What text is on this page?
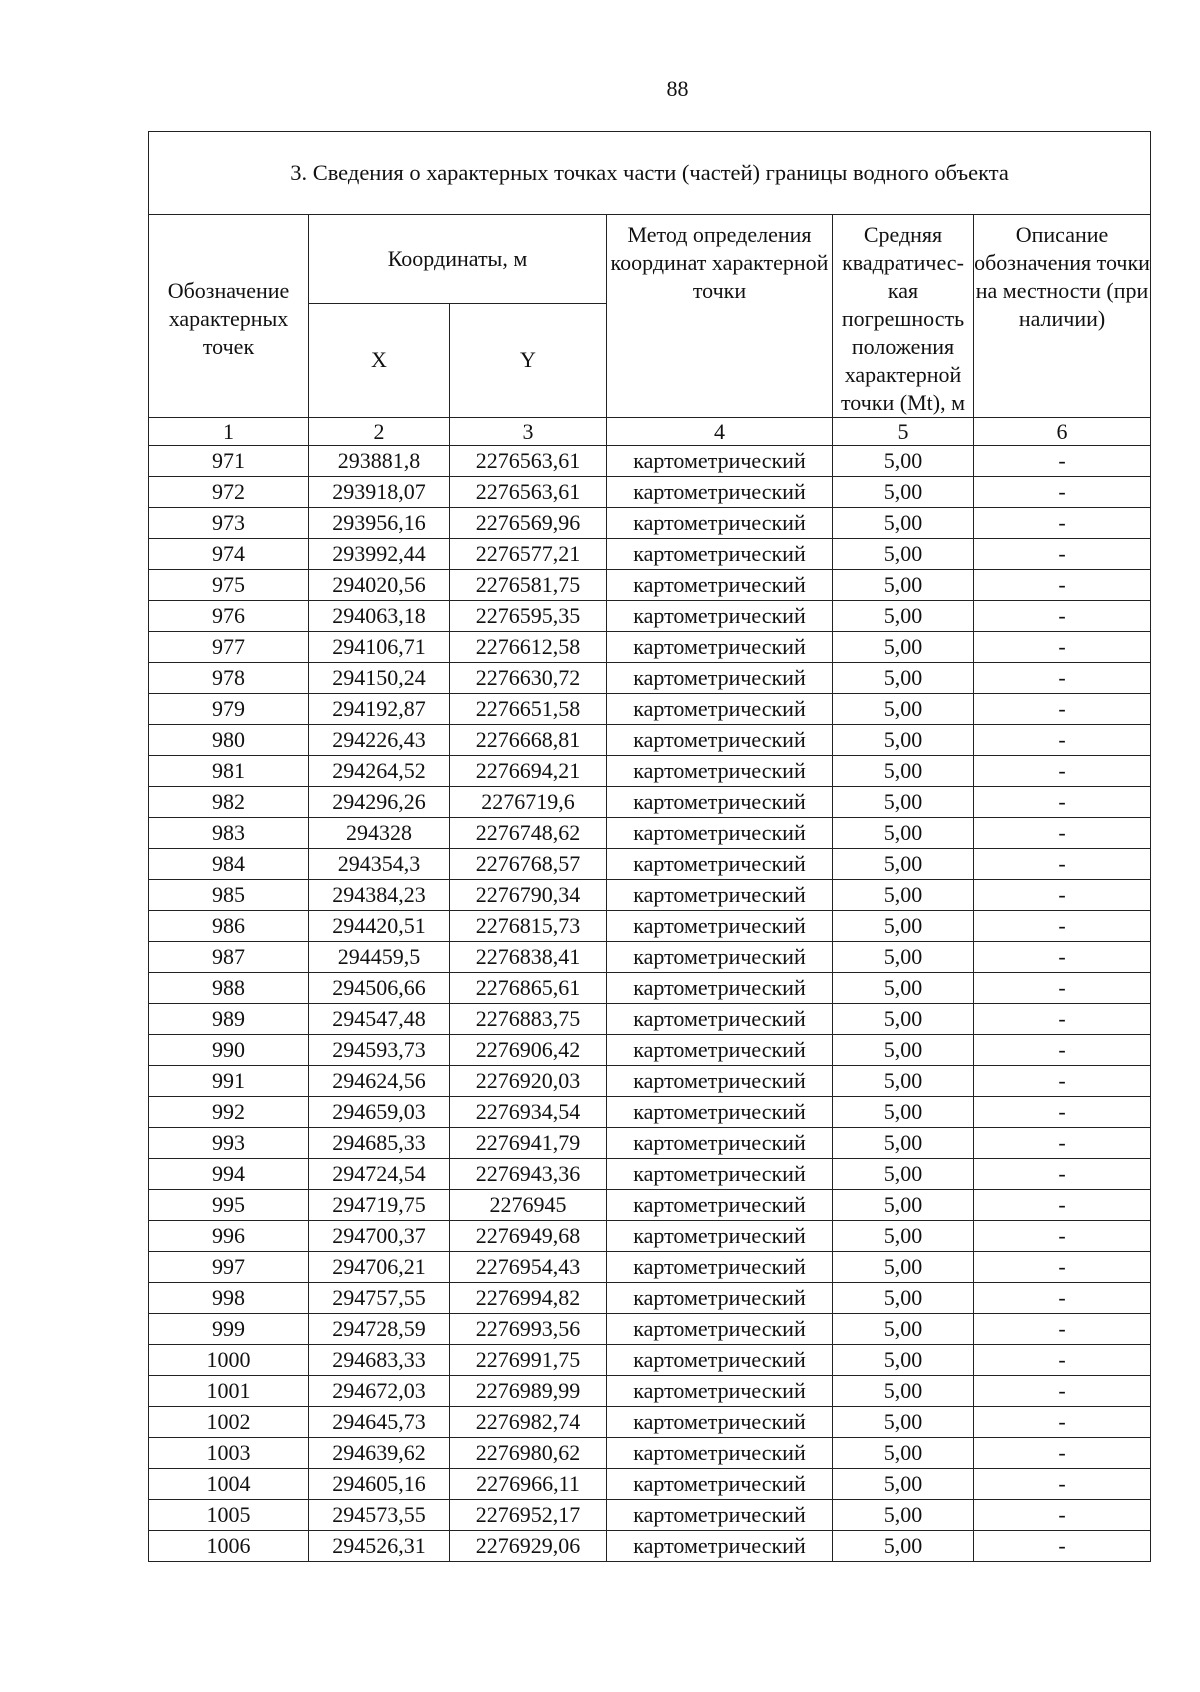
88
3. Сведения о характерных точках части (частей) границы водного объекта					
Обозначение характерных точек	Координаты, м		Метод определения координат характерной точки	Средняя квадратичес-кая погрешность положения характерной точки (Mt), м	Описание обозначения точки на местности (при наличии)
	X	Y			
1	2	3	4	5	6
971	293881,8	2276563,61	картометрический	5,00	-
972	293918,07	2276563,61	картометрический	5,00	-
973	293956,16	2276569,96	картометрический	5,00	-
974	293992,44	2276577,21	картометрический	5,00	-
975	294020,56	2276581,75	картометрический	5,00	-
976	294063,18	2276595,35	картометрический	5,00	-
977	294106,71	2276612,58	картометрический	5,00	-
978	294150,24	2276630,72	картометрический	5,00	-
979	294192,87	2276651,58	картометрический	5,00	-
980	294226,43	2276668,81	картометрический	5,00	-
981	294264,52	2276694,21	картометрический	5,00	-
982	294296,26	2276719,6	картометрический	5,00	-
983	294328	2276748,62	картометрический	5,00	-
984	294354,3	2276768,57	картометрический	5,00	-
985	294384,23	2276790,34	картометрический	5,00	-
986	294420,51	2276815,73	картометрический	5,00	-
987	294459,5	2276838,41	картометрический	5,00	-
988	294506,66	2276865,61	картометрический	5,00	-
989	294547,48	2276883,75	картометрический	5,00	-
990	294593,73	2276906,42	картометрический	5,00	-
991	294624,56	2276920,03	картометрический	5,00	-
992	294659,03	2276934,54	картометрический	5,00	-
993	294685,33	2276941,79	картометрический	5,00	-
994	294724,54	2276943,36	картометрический	5,00	-
995	294719,75	2276945	картометрический	5,00	-
996	294700,37	2276949,68	картометрический	5,00	-
997	294706,21	2276954,43	картометрический	5,00	-
998	294757,55	2276994,82	картометрический	5,00	-
999	294728,59	2276993,56	картометрический	5,00	-
1000	294683,33	2276991,75	картометрический	5,00	-
1001	294672,03	2276989,99	картометрический	5,00	-
1002	294645,73	2276982,74	картометрический	5,00	-
1003	294639,62	2276980,62	картометрический	5,00	-
1004	294605,16	2276966,11	картометрический	5,00	-
1005	294573,55	2276952,17	картометрический	5,00	-
1006	294526,31	2276929,06	картометрический	5,00	-
